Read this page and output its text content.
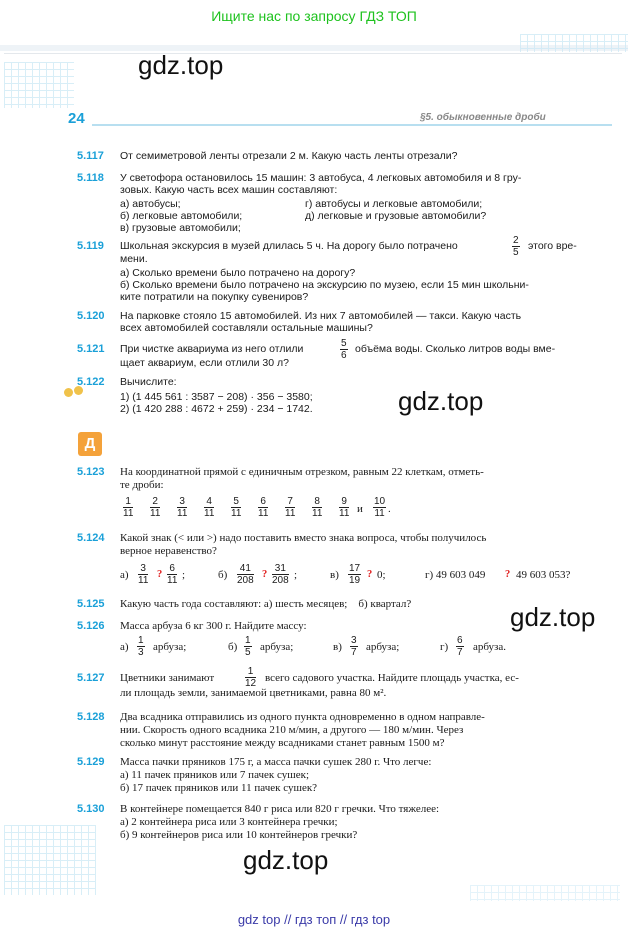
Ищите нас по запросу ГДЗ ТОП
gdz.top
24	§5. обыкновенные дроби
5.117 От семиметровой ленты отрезали 2 м. Какую часть ленты отрезали?
5.118 У светофора остановилось 15 машин: 3 автобуса, 4 легковых автомобиля и 8 гру-
зовых. Какую часть всех машин составляют:
а) автобусы;
б) легковые автомобили;
в) грузовые автомобили;
г) автобусы и легковые автомобили;
д) легковые и грузовые автомобили?
5.119 Школьная экскурсия в музей длилась 5 ч. На дорогу было потрачено	$\frac{2}{5}$ этого вре-
мени.
а) Сколько времени было потрачено на дорогу?
б) Сколько времени было потрачено на экскурсию по музею, если 15 мин школьни-
ките потратили на покупку сувениров?
5.120 На парковке стояло 15 автомобилей. Из них 7 автомобилей — такси. Какую часть
всех автомобилей составляли остальные машины?
5.121 При чистке аквариума из него отлили	$\frac{5}{6}$ объёма воды. Сколько литров воды вме-
щает аквариум, если отлили 30 л?
5.122 Вычислите:
1) (1 445 561 : 3587 − 208) · 356 − 3580;
2) (1 420 288 : 4672 + 259) · 234 − 1742.	gdz.top
Д
5.123 На координатной прямой с единичным отрезком, равным 22 клеткам, отметь-
те дроби:
$\frac{1}{11} \frac{2}{11} \frac{3}{11} \frac{4}{11} \frac{5}{11} \frac{6}{11} \frac{7}{11} \frac{8}{11} \frac{9}{11}$ и $\frac{10}{11}$ .
5.124 Какой знак (< или >) надо поставить вместо знака вопроса, чтобы получилось
верное неравенство?
$а) \frac{3}{11}$ ? $\frac{6}{11}$ ;	$б) \frac{41}{208}$ ? $\frac{31}{208}$ ;	$в) \frac{17}{19}$ ? 0;	г) 49 603 049 ? 49 603 053?
5.125 Какую часть года составляют: а) шесть месяцев;    б) квартал?	gdz.top
5.126 Масса арбуза 6 кг 300 г. Найдите массу:
$а) \frac{1}{3}$ арбуза;	$б) \frac{1}{5}$ арбуза;	$в) \frac{3}{7}$ арбуза;	$г) \frac{6}{7}$ арбуза.
5.127 Цветники занимают	$\frac{1}{12}$ всего садового участка. Найдите площадь участка, ес-
ли площадь земли, занимаемой цветниками, равна 80 м².
5.128 Два всадника отправились из одного пункта одновременно в одном направле-
нии. Скорость одного всадника 210 м/мин, а другого — 180 м/мин. Через
сколько минут расстояние между всадниками станет равным 1500 м?
5.129 Масса пачки пряников 175 г, а масса пачки сушек 280 г. Что легче:
а) 11 пачек пряников или 7 пачек сушек;
б) 17 пачек пряников или 11 пачек сушек?
5.130 В контейнере помещается 840 г риса или 820 г гречки. Что тяжелее:
а) 2 контейнера риса или 3 контейнера гречки;
б) 9 контейнеров риса или 10 контейнеров гречки?
gdz.top
gdz top // гдз топ // гдз top
